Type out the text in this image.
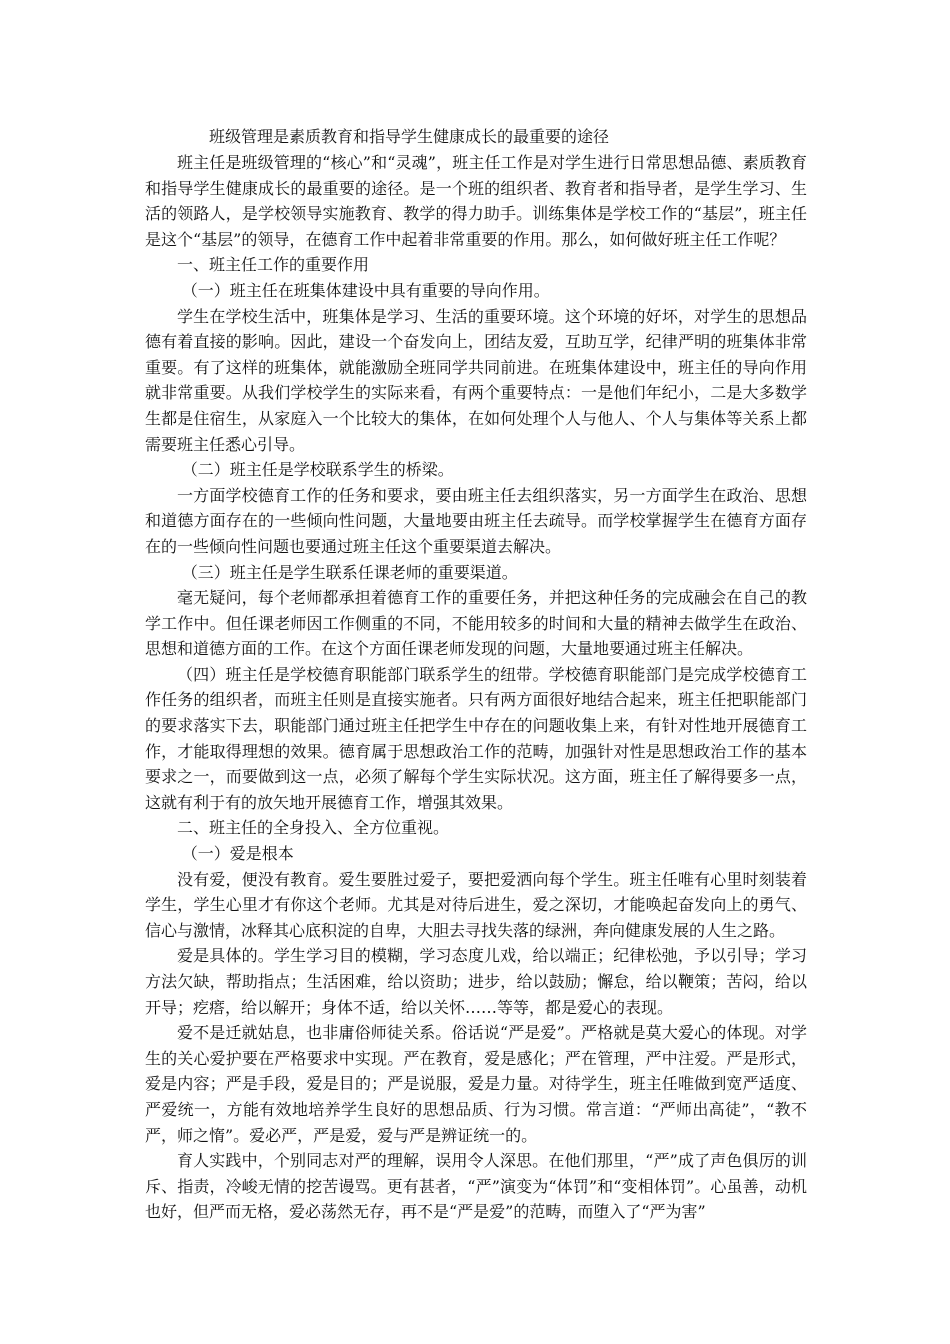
班级管理是素质教育和指导学生健康成长的最重要的途径

班主任是班级管理的“核心”和“灵魂”，班主任工作是对学生进行日常思想品德、素质教育和指导学生健康成长的最重要的途径。是一个班的组织者、教育者和指导者，是学生学习、生活的领路人，是学校领导实施教育、教学的得力助手。训练集体是学校工作的“基层”，班主任是这个“基层”的领导，在德育工作中起着非常重要的作用。那么，如何做好班主任工作呢？

一、班主任工作的重要作用

（一）班主任在班集体建设中具有重要的导向作用。

学生在学校生活中，班集体是学习、生活的重要环境。这个环境的好坏，对学生的思想品德有着直接的影响。因此，建设一个奋发向上，团结友爱，互助互学，纪律严明的班集体非常重要。有了这样的班集体，就能激励全班同学共同前进。在班集体建设中，班主任的导向作用就非常重要。从我们学校学生的实际来看，有两个重要特点：一是他们年纪小，二是大多数学生都是住宿生，从家庭入一个比较大的集体，在如何处理个人与他人、个人与集体等关系上都需要班主任悉心引导。

（二）班主任是学校联系学生的桥梁。

一方面学校德育工作的任务和要求，要由班主任去组织落实，另一方面学生在政治、思想和道德方面存在的一些倾向性问题，大量地要由班主任去疏导。而学校掌握学生在德育方面存在的一些倾向性问题也要通过班主任这个重要渠道去解决。

（三）班主任是学生联系任课老师的重要渠道。

毫无疑问，每个老师都承担着德育工作的重要任务，并把这种任务的完成融会在自己的教学工作中。但任课老师因工作侧重的不同，不能用较多的时间和大量的精神去做学生在政治、思想和道德方面的工作。在这个方面任课老师发现的问题，大量地要通过班主任解决。

（四）班主任是学校德育职能部门联系学生的纽带。学校德育职能部门是完成学校德育工作任务的组织者，而班主任则是直接实施者。只有两方面很好地结合起来，班主任把职能部门的要求落实下去，职能部门通过班主任把学生中存在的问题收集上来，有针对性地开展德育工作，才能取得理想的效果。德育属于思想政治工作的范畴，加强针对性是思想政治工作的基本要求之一，而要做到这一点，必须了解每个学生实际状况。这方面，班主任了解得要多一点，这就有利于有的放矢地开展德育工作，增强其效果。

二、班主任的全身投入、全方位重视。

（一）爱是根本

没有爱，便没有教育。爱生要胜过爱子，要把爱洒向每个学生。班主任唯有心里时刻装着学生，学生心里才有你这个老师。尤其是对待后进生，爱之深切，才能唤起奋发向上的勇气、信心与激情，冰释其心底积淀的自卑，大胆去寻找失落的绿洲，奔向健康发展的人生之路。

爱是具体的。学生学习目的模糊，学习态度儿戏，给以端正；纪律松弛，予以引导；学习方法欠缺，帮助指点；生活困难，给以资助；进步，给以鼓励；懈怠，给以鞭策；苦闷，给以开导；疙瘩，给以解开；身体不适，给以关怀……等等，都是爱心的表现。

爱不是迁就姑息，也非庸俗师徒关系。俗话说“严是爱”。严格就是莫大爱心的体现。对学生的关心爱护要在严格要求中实现。严在教育，爱是感化；严在管理，严中注爱。严是形式，爱是内容；严是手段，爱是目的；严是说服，爱是力量。对待学生，班主任唯做到宽严适度、严爱统一，方能有效地培养学生良好的思想品质、行为习惯。常言道：“严师出高徒”，“教不严，师之惰”。爱必严，严是爱，爱与严是辨证统一的。

育人实践中，个别同志对严的理解，误用令人深思。在他们那里，“严”成了声色俱厉的训斥、指责，冷峻无情的挖苦谩骂。更有甚者，“严”演变为“体罚”和“变相体罚”。心虽善，动机也好，但严而无格，爱必荡然无存，再不是“严是爱”的范畴，而堕入了“严为害”
